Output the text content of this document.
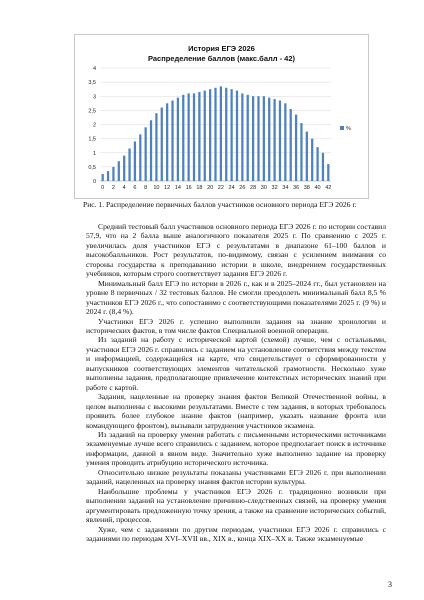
История ЕГЭ 2026
Распределение баллов (макс.балл - 42)
0
0,5
1
1,5
2
2,5
3
3,5
4
0 2 4 6 8 10 12 14 16 18 20 22 24 26 28 30 32 34 36 38 40 42
%
Рис. 1. Распределение первичных баллов участников основного периода ЕГЭ 2026 г.

Средний тестовый балл участников основного периода ЕГЭ 2026 г. по истории составил 57,9, что на 2 балла выше аналогичного показателя 2025 г. По сравнению с 2025 г. увеличилась доля участников ЕГЭ с результатами в диапазоне 61–100 баллов и высокобалльников. Рост результатов, по-видимому, связан с усилением внимания со стороны государства к преподаванию истории в школе, внедрением государственных учебников, которым строго соответствует задания ЕГЭ 2026 г.

Минимальный балл ЕГЭ по истории в 2026 г., как и в 2025–2024 гг., был установлен на уровне 8 первичных / 32 тестовых баллов. Не смогли преодолеть минимальный балл 8,5 % участников ЕГЭ 2026 г., что сопоставимо с соответствующими показателями 2025 г. (9 %) и 2024 г. (8,4 %).

Участники ЕГЭ 2026 г. успешно выполнили задания на знание хронологии и исторических фактов, в том числе фактов Специальной военной операции.

Из заданий на работу с исторической картой (схемой) лучше, чем с остальными, участники ЕГЭ 2026 г. справились с заданием на установление соответствия между текстом и информацией, содержащейся на карте, что свидетельствует о сформированности у выпускников соответствующих элементов читательской грамотности. Несколько хуже выполнены задания, предполагающие привлечение контекстных исторических знаний при работе с картой.

Задания, нацеленные на проверку знания фактов Великой Отечественной войны, в целом выполнены с высокими результатами. Вместе с тем задания, в которых требовалось проявить более глубокое знание фактов (например, указать название фронта или командующего фронтом), вызывали затруднения участников экзамена.

Из заданий на проверку умения работать с письменными историческими источниками экзаменуемые лучше всего справились с заданием, которое предполагает поиск в источнике информации, данной в явном виде. Значительно хуже выполнено задание на проверку умения проводить атрибуцию исторического источника.

Относительно низкие результаты показаны участниками ЕГЭ 2026 г. при выполнении заданий, нацеленных на проверку знания фактов истории культуры.

Наибольшие проблемы у участников ЕГЭ 2026 г. традиционно возникли при выполнении заданий на установление причинно-следственных связей, на проверку умения аргументировать предложенную точку зрения, а также на сравнение исторических событий, явлений, процессов.

Хуже, чем с заданиями по другим периодам, участники ЕГЭ 2026 г. справились с заданиями по периодам XVI–XVII вв., XIX в., конца XIX–XX в. Также экзаменуемые

3
